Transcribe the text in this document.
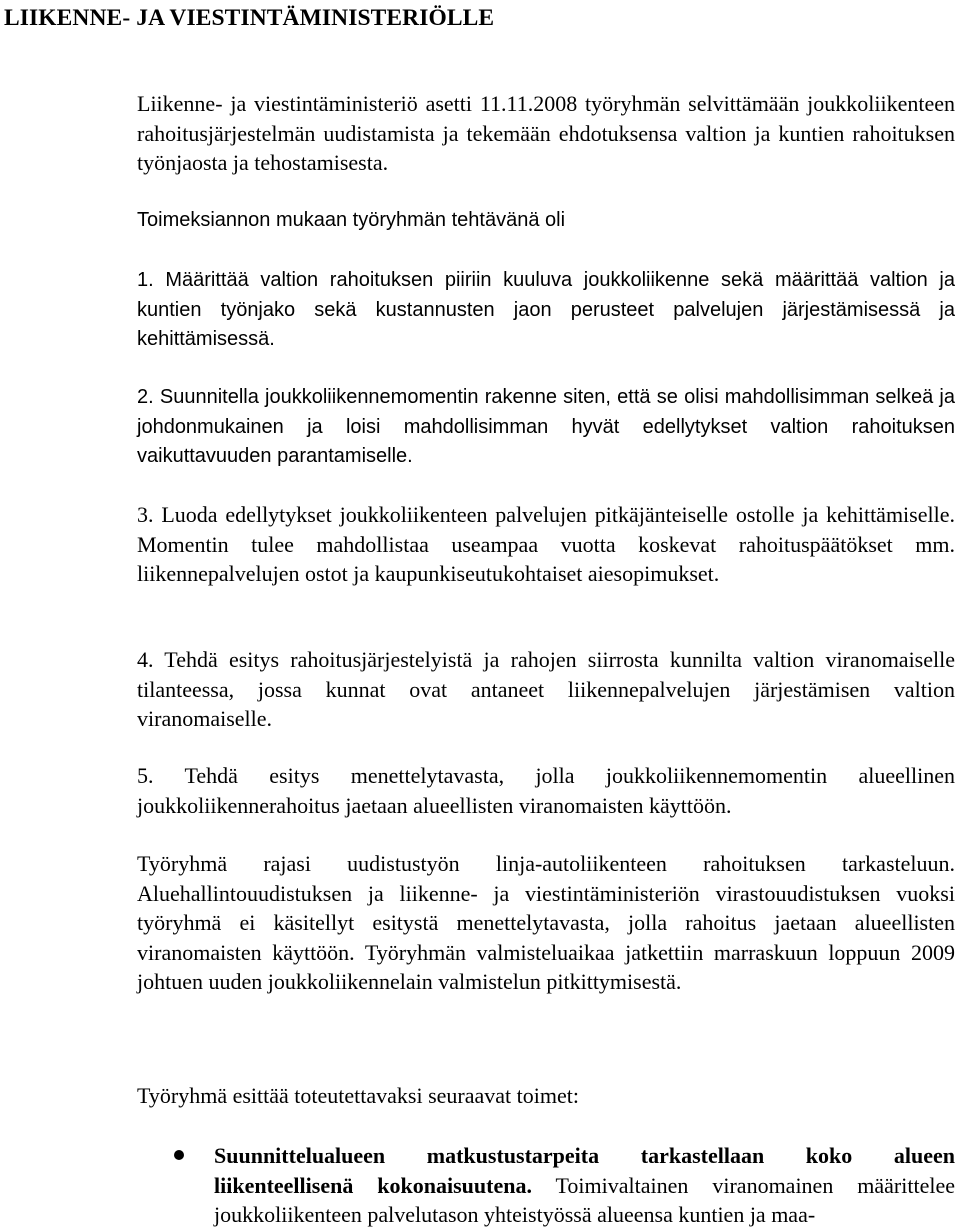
LIIKENNE- JA VIESTINTÄMINISTERIÖLLE

Liikenne- ja viestintäministeriö asetti 11.11.2008 työryhmän selvittämään joukkoliikenteen rahoitusjärjestelmän uudistamista ja tekemään ehdotuksensa valtion ja kuntien rahoituksen työnjaosta ja tehostamisesta.

Toimeksiannon mukaan työryhmän tehtävänä oli

1. Määrittää valtion rahoituksen piiriin kuuluva joukkoliikenne sekä määrittää valtion ja kuntien työnjako sekä kustannusten jaon perusteet palvelujen järjestämisessä ja kehittämisessä.

2. Suunnitella joukkoliikennemomentin rakenne siten, että se olisi mahdollisimman selkeä ja johdonmukainen ja loisi mahdollisimman hyvät edellytykset valtion rahoituksen vaikuttavuuden parantamiselle.

3. Luoda edellytykset joukkoliikenteen palvelujen pitkäjänteiselle ostolle ja kehittämiselle. Momentin tulee mahdollistaa useampaa vuotta koskevat rahoituspäätökset mm. liikennepalvelujen ostot ja kaupunkiseutukohtaiset aiesopimukset.

4. Tehdä esitys rahoitusjärjestelyistä ja rahojen siirrosta kunnilta valtion viranomaiselle tilanteessa, jossa kunnat ovat antaneet liikennepalvelujen järjestämisen valtion viranomaiselle.

5. Tehdä esitys menettelytavasta, jolla joukkoliikennemomentin alueellinen joukkoliikennerahoitus jaetaan alueellisten viranomaisten käyttöön.

Työryhmä rajasi uudistustyön linja-autoliikenteen rahoituksen tarkasteluun. Aluehallintouudistuksen ja liikenne- ja viestintäministeriön virastouudistuksen vuoksi työryhmä ei käsitellyt esitystä menettelytavasta, jolla rahoitus jaetaan alueellisten viranomaisten käyttöön. Työryhmän valmisteluaikaa jatkettiin marraskuun loppuun 2009 johtuen uuden joukkoliikennelain valmistelun pitkittymisestä.

Työryhmä esittää toteutettavaksi seuraavat toimet:

Suunnittelualueen matkustustarpeita tarkastellaan koko alueen liikenteellisenä kokonaisuutena. Toimivaltainen viranomainen määrittelee joukkoliikenteen palvelutason yhteistyössä alueensa kuntien ja maa-
